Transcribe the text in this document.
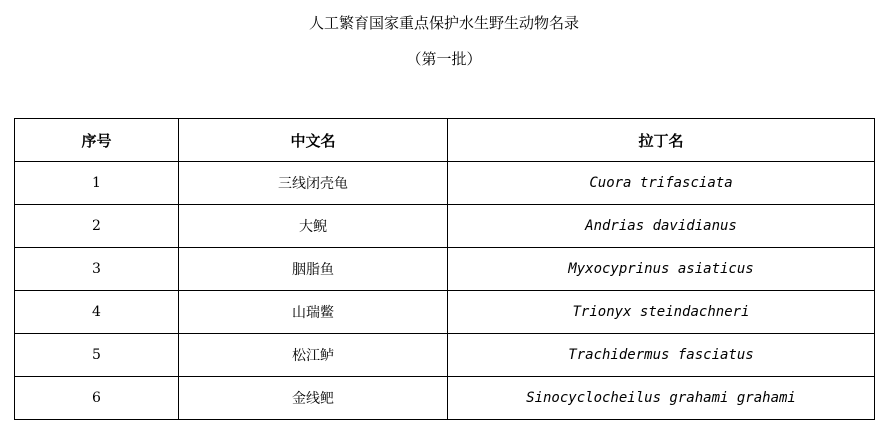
人工繁育国家重点保护水生野生动物名录
（第一批）
序号	中文名	拉丁名
1	三线闭壳龟	Cuora trifasciata
2	大鲵	Andrias davidianus
3	胭脂鱼	Myxocyprinus asiaticus
4	山瑞鳖	Trionyx steindachneri
5	松江鲈	Trachidermus fasciatus
6	金线鲃	Sinocyclocheilus grahami grahami
